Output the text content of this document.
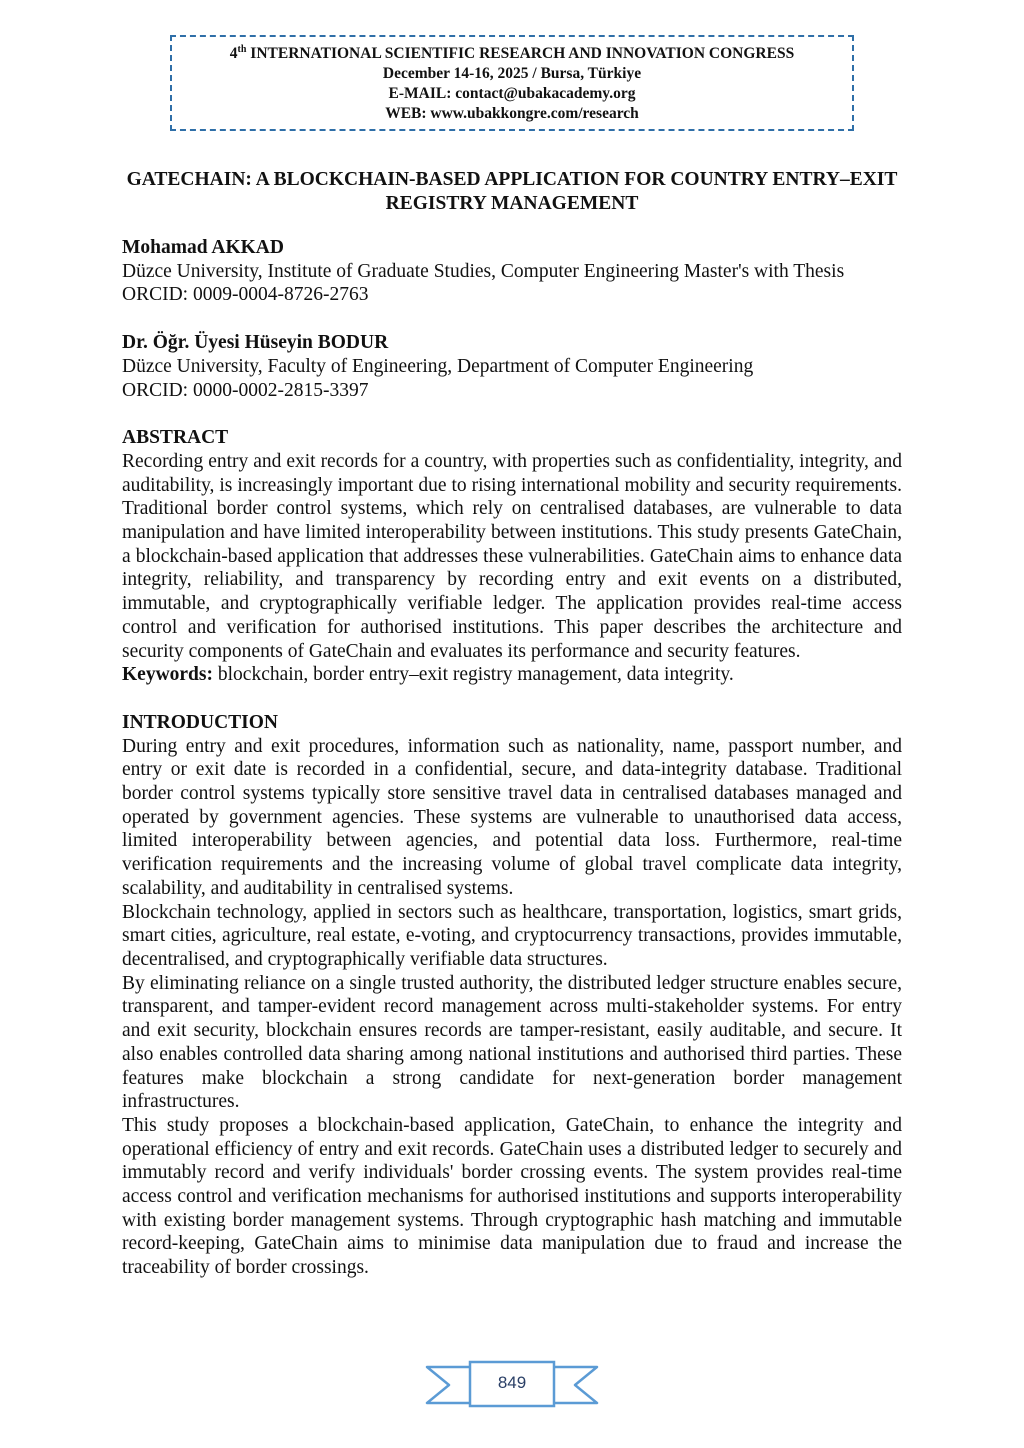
4th INTERNATIONAL SCIENTIFIC RESEARCH AND INNOVATION CONGRESS
December 14-16, 2025 / Bursa, Türkiye
E-MAIL: contact@ubakacademy.org
WEB: www.ubakkongre.com/research
GATECHAIN: A BLOCKCHAIN-BASED APPLICATION FOR COUNTRY ENTRY–EXIT REGISTRY MANAGEMENT

Mohamad AKKAD

Düzce University, Institute of Graduate Studies, Computer Engineering Master's with Thesis

ORCID: 0009-0004-8726-2763

Dr. Öğr. Üyesi Hüseyin BODUR

Düzce University, Faculty of Engineering, Department of Computer Engineering

ORCID: 0000-0002-2815-3397

ABSTRACT

Recording entry and exit records for a country, with properties such as confidentiality, integrity, and auditability, is increasingly important due to rising international mobility and security requirements. Traditional border control systems, which rely on centralised databases, are vulnerable to data manipulation and have limited interoperability between institutions. This study presents GateChain, a blockchain-based application that addresses these vulnerabilities. GateChain aims to enhance data integrity, reliability, and transparency by recording entry and exit events on a distributed, immutable, and cryptographically verifiable ledger. The application provides real-time access control and verification for authorised institutions. This paper describes the architecture and security components of GateChain and evaluates its performance and security features.

Keywords: blockchain, border entry–exit registry management, data integrity.

INTRODUCTION

During entry and exit procedures, information such as nationality, name, passport number, and entry or exit date is recorded in a confidential, secure, and data-integrity database. Traditional border control systems typically store sensitive travel data in centralised databases managed and operated by government agencies. These systems are vulnerable to unauthorised data access, limited interoperability between agencies, and potential data loss. Furthermore, real-time verification requirements and the increasing volume of global travel complicate data integrity, scalability, and auditability in centralised systems.

Blockchain technology, applied in sectors such as healthcare, transportation, logistics, smart grids, smart cities, agriculture, real estate, e-voting, and cryptocurrency transactions, provides immutable, decentralised, and cryptographically verifiable data structures.

By eliminating reliance on a single trusted authority, the distributed ledger structure enables secure, transparent, and tamper-evident record management across multi-stakeholder systems. For entry and exit security, blockchain ensures records are tamper-resistant, easily auditable, and secure. It also enables controlled data sharing among national institutions and authorised third parties. These features make blockchain a strong candidate for next-generation border management infrastructures.

This study proposes a blockchain-based application, GateChain, to enhance the integrity and operational efficiency of entry and exit records. GateChain uses a distributed ledger to securely and immutably record and verify individuals' border crossing events. The system provides real-time access control and verification mechanisms for authorised institutions and supports interoperability with existing border management systems. Through cryptographic hash matching and immutable record-keeping, GateChain aims to minimise data manipulation due to fraud and increase the traceability of border crossings.

849
